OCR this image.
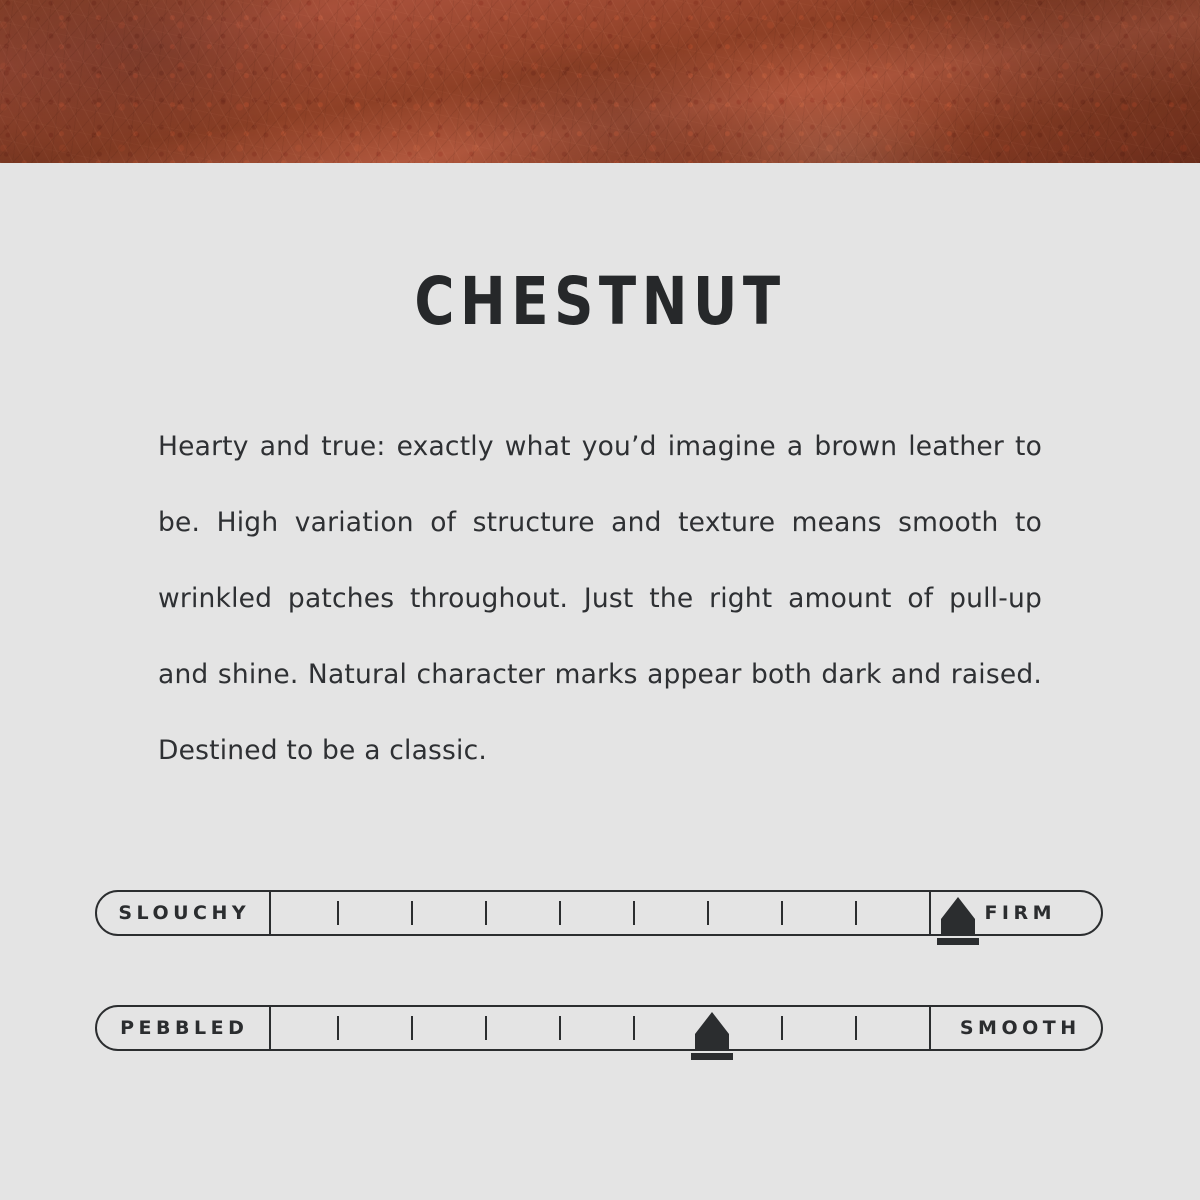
CHESTNUT

Hearty and true: exactly what you’d imagine a brown leather to be. High variation of structure and texture means smooth to wrinkled patches throughout. Just the right amount of pull-up and shine. Natural character marks appear both dark and raised. Destined to be a classic.

SLOUCHY	FIRM
PEBBLED	SMOOTH
